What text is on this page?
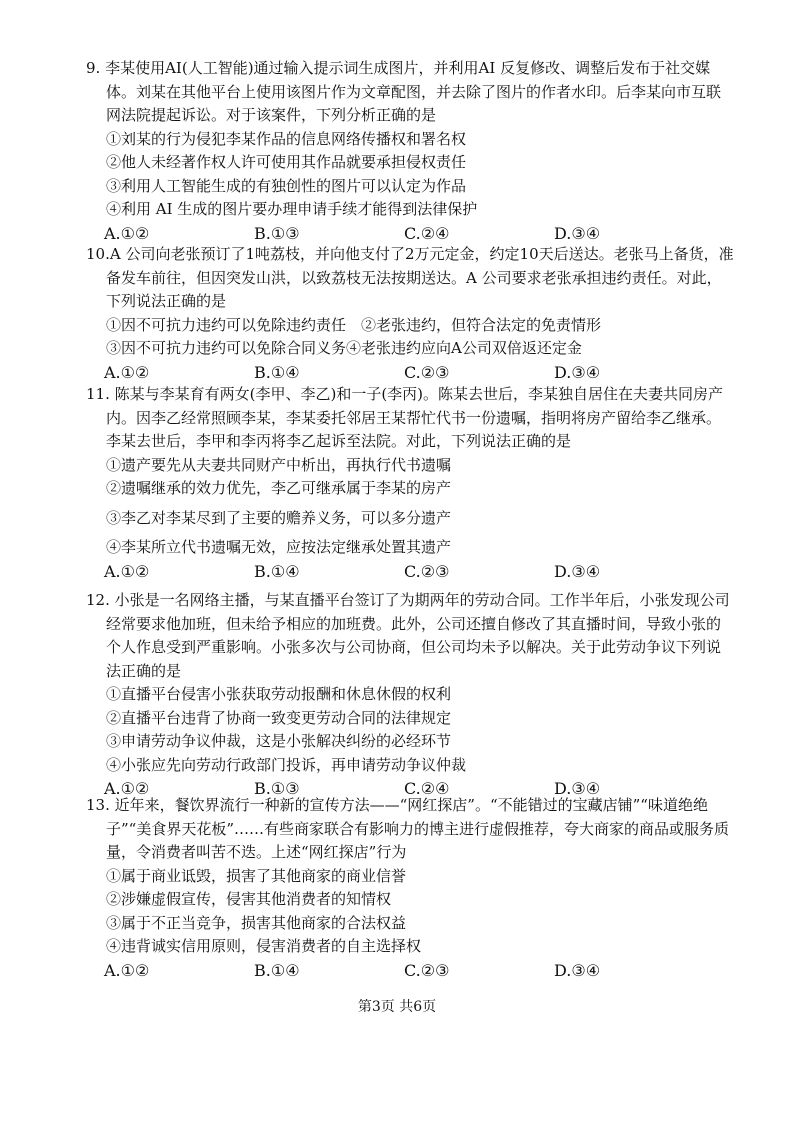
9. 李某使用AI(人工智能)通过输入提示词生成图片，并利用AI 反复修改、调整后发布于社交媒体。刘某在其他平台上使用该图片作为文章配图，并去除了图片的作者水印。后李某向市互联网法院提起诉讼。对于该案件，下列分析正确的是

①刘某的行为侵犯李某作品的信息网络传播权和署名权

②他人未经著作权人许可使用其作品就要承担侵权责任

③利用人工智能生成的有独创性的图片可以认定为作品

④利用 AI 生成的图片要办理申请手续才能得到法律保护

A.①②	B.①③	C.②④	D.③④

10.A 公司向老张预订了1吨荔枝，并向他支付了2万元定金，约定10天后送达。老张马上备货，准备发车前往，但因突发山洪，以致荔枝无法按期送达。A 公司要求老张承担违约责任。对此，下列说法正确的是

①因不可抗力违约可以免除违约责任　②老张违约，但符合法定的免责情形

③因不可抗力违约可以免除合同义务④老张违约应向A公司双倍返还定金

A.①②	B.①④	C.②③	D.③④

11. 陈某与李某育有两女(李甲、李乙)和一子(李丙)。陈某去世后，李某独自居住在夫妻共同房产内。因李乙经常照顾李某，李某委托邻居王某帮忙代书一份遗嘱，指明将房产留给李乙继承。李某去世后，李甲和李丙将李乙起诉至法院。对此，下列说法正确的是

①遗产要先从夫妻共同财产中析出，再执行代书遗嘱

②遗嘱继承的效力优先，李乙可继承属于李某的房产

③李乙对李某尽到了主要的赡养义务，可以多分遗产

④李某所立代书遗嘱无效，应按法定继承处置其遗产

A.①②	B.①④	C.②③	D.③④

12. 小张是一名网络主播，与某直播平台签订了为期两年的劳动合同。工作半年后，小张发现公司经常要求他加班，但未给予相应的加班费。此外，公司还擅自修改了其直播时间，导致小张的个人作息受到严重影响。小张多次与公司协商，但公司均未予以解决。关于此劳动争议下列说法正确的是

①直播平台侵害小张获取劳动报酬和休息休假的权利

②直播平台违背了协商一致变更劳动合同的法律规定

③申请劳动争议仲裁，这是小张解决纠纷的必经环节

④小张应先向劳动行政部门投诉，再申请劳动争议仲裁

A.①②	B.①③	C.②④	D.③④

13. 近年来，餐饮界流行一种新的宣传方法——“网红探店”。“不能错过的宝藏店铺”“味道绝绝子”“美食界天花板”……有些商家联合有影响力的博主进行虚假推荐，夸大商家的商品或服务质量，令消费者叫苦不迭。上述“网红探店”行为

①属于商业诋毁，损害了其他商家的商业信誉

②涉嫌虚假宣传，侵害其他消费者的知情权

③属于不正当竞争，损害其他商家的合法权益

④违背诚实信用原则，侵害消费者的自主选择权

A.①②	B.①④	C.②③	D.③④
第3页 共6页
